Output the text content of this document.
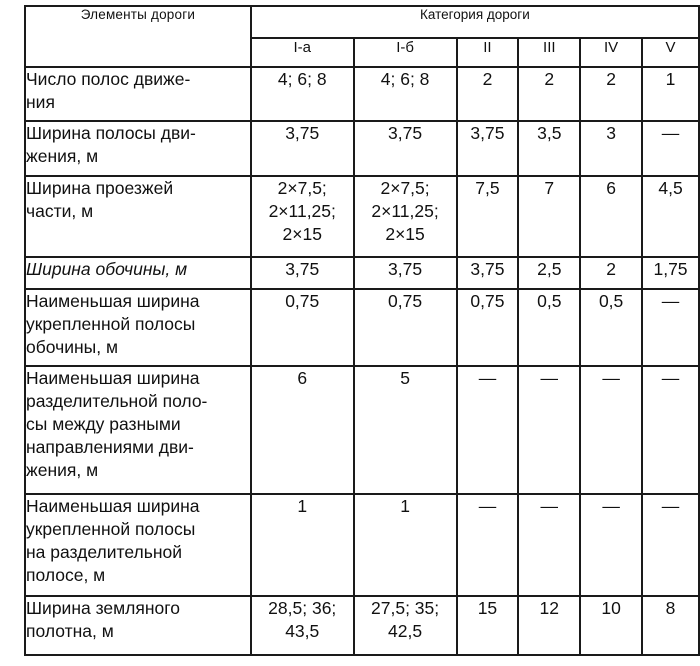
Элементы дороги	Категория дороги					
	I-a	I-б	II	III	IV	V

Число полос движе-
ния	4; 6; 8	4; 6; 8	2	2	2	1

Ширина полосы дви-
жения, м	3,75	3,75	3,75	3,5	3	—

Ширина проезжей
части, м	2×7,5;
2×11,25;
2×15	2×7,5;
2×11,25;
2×15	7,5	7	6	4,5

Ширина обочины, м	3,75	3,75	3,75	2,5	2	1,75

Наименьшая ширина
укрепленной полосы
обочины, м	0,75	0,75	0,75	0,5	0,5	—

Наименьшая ширина
разделительной поло-
сы между разными
направлениями дви-
жения, м	6	5	—	—	—	—

Наименьшая ширина
укрепленной полосы
на разделительной
полосе, м	1	1	—	—	—	—

Ширина земляного
полотна, м	28,5; 36;
43,5	27,5; 35;
42,5	15	12	10	8
